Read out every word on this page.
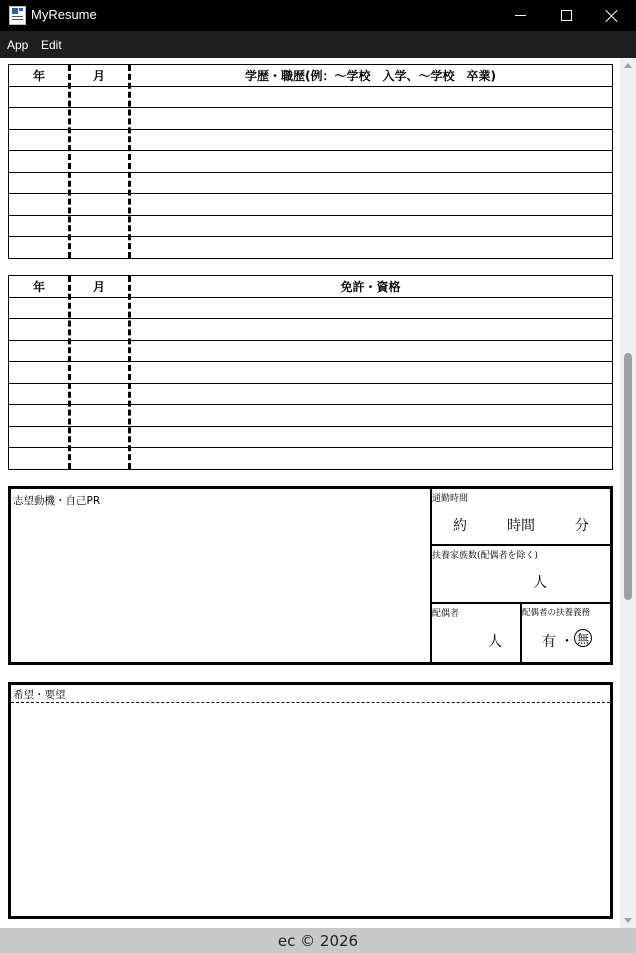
MyResume
App Edit
年	月	学歴・職歴(例：～学校　入学、～学校　卒業)
年	月	免許・資格
志望動機・自己PR	通勤時間
約	時間	分
扶養家族数(配偶者を除く)
人
配偶者
人
配偶者の扶養義務
有 ・ 無
希望・要望
ec © 2026
